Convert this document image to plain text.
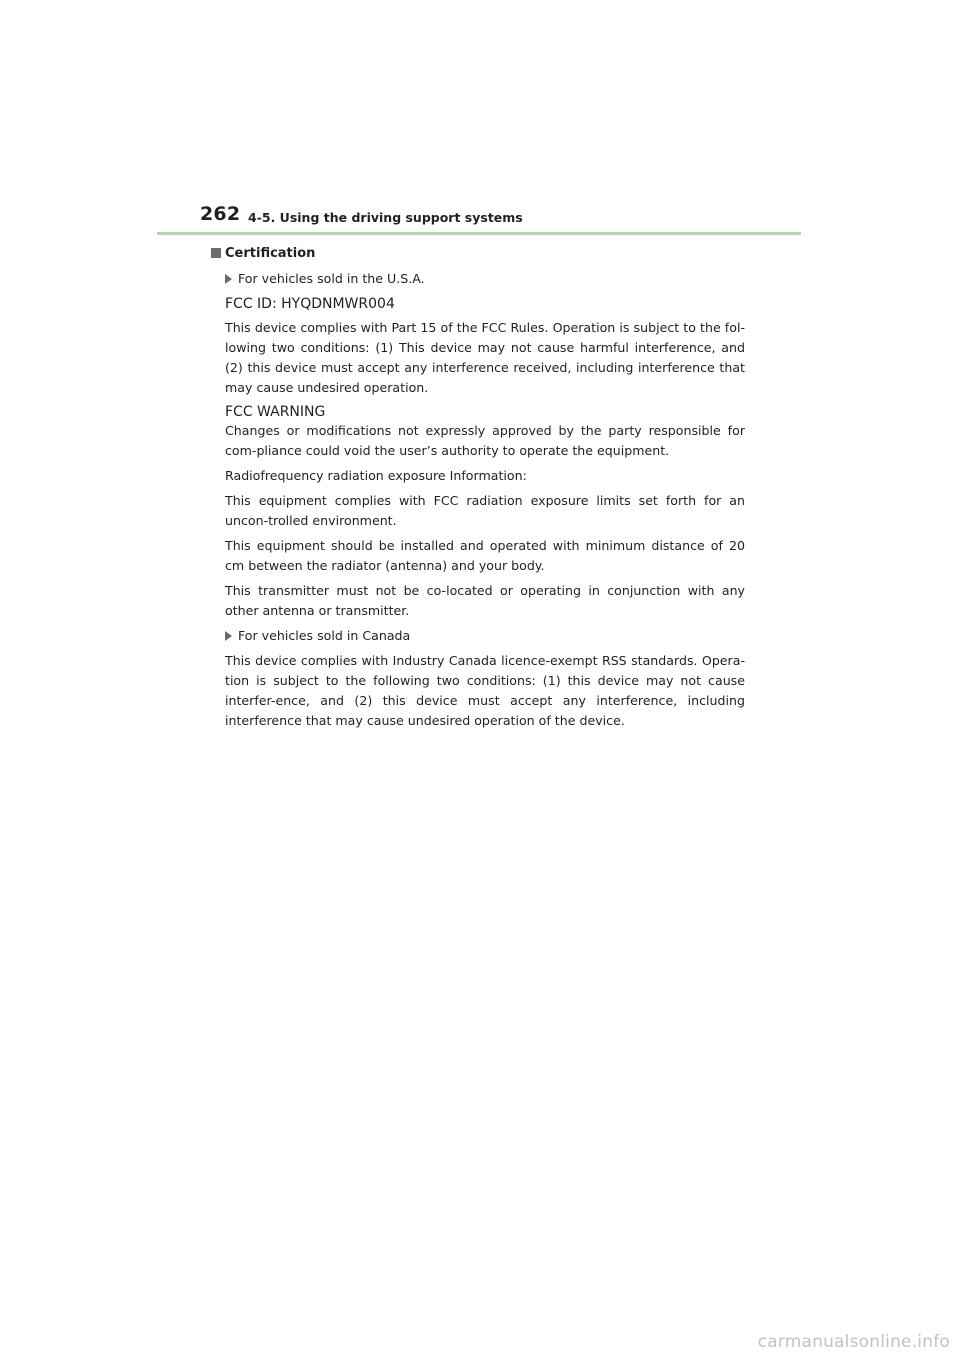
262 4-5. Using the driving support systems
Certification
For vehicles sold in the U.S.A.

FCC ID: HYQDNMWR004

This device complies with Part 15 of the FCC Rules. Operation is subject to the fol-lowing two conditions: (1) This device may not cause harmful interference, and (2) this device must accept any interference received, including interference that may cause undesired operation.

FCC WARNING

Changes or modifications not expressly approved by the party responsible for com-pliance could void the user’s authority to operate the equipment.

Radiofrequency radiation exposure Information:

This equipment complies with FCC radiation exposure limits set forth for an uncon-trolled environment.

This equipment should be installed and operated with minimum distance of 20 cm between the radiator (antenna) and your body.

This transmitter must not be co-located or operating in conjunction with any other antenna or transmitter.

For vehicles sold in Canada

This device complies with Industry Canada licence-exempt RSS standards. Opera-tion is subject to the following two conditions: (1) this device may not cause interfer-ence, and (2) this device must accept any interference, including interference that may cause undesired operation of the device.

carmanualsonline.info
